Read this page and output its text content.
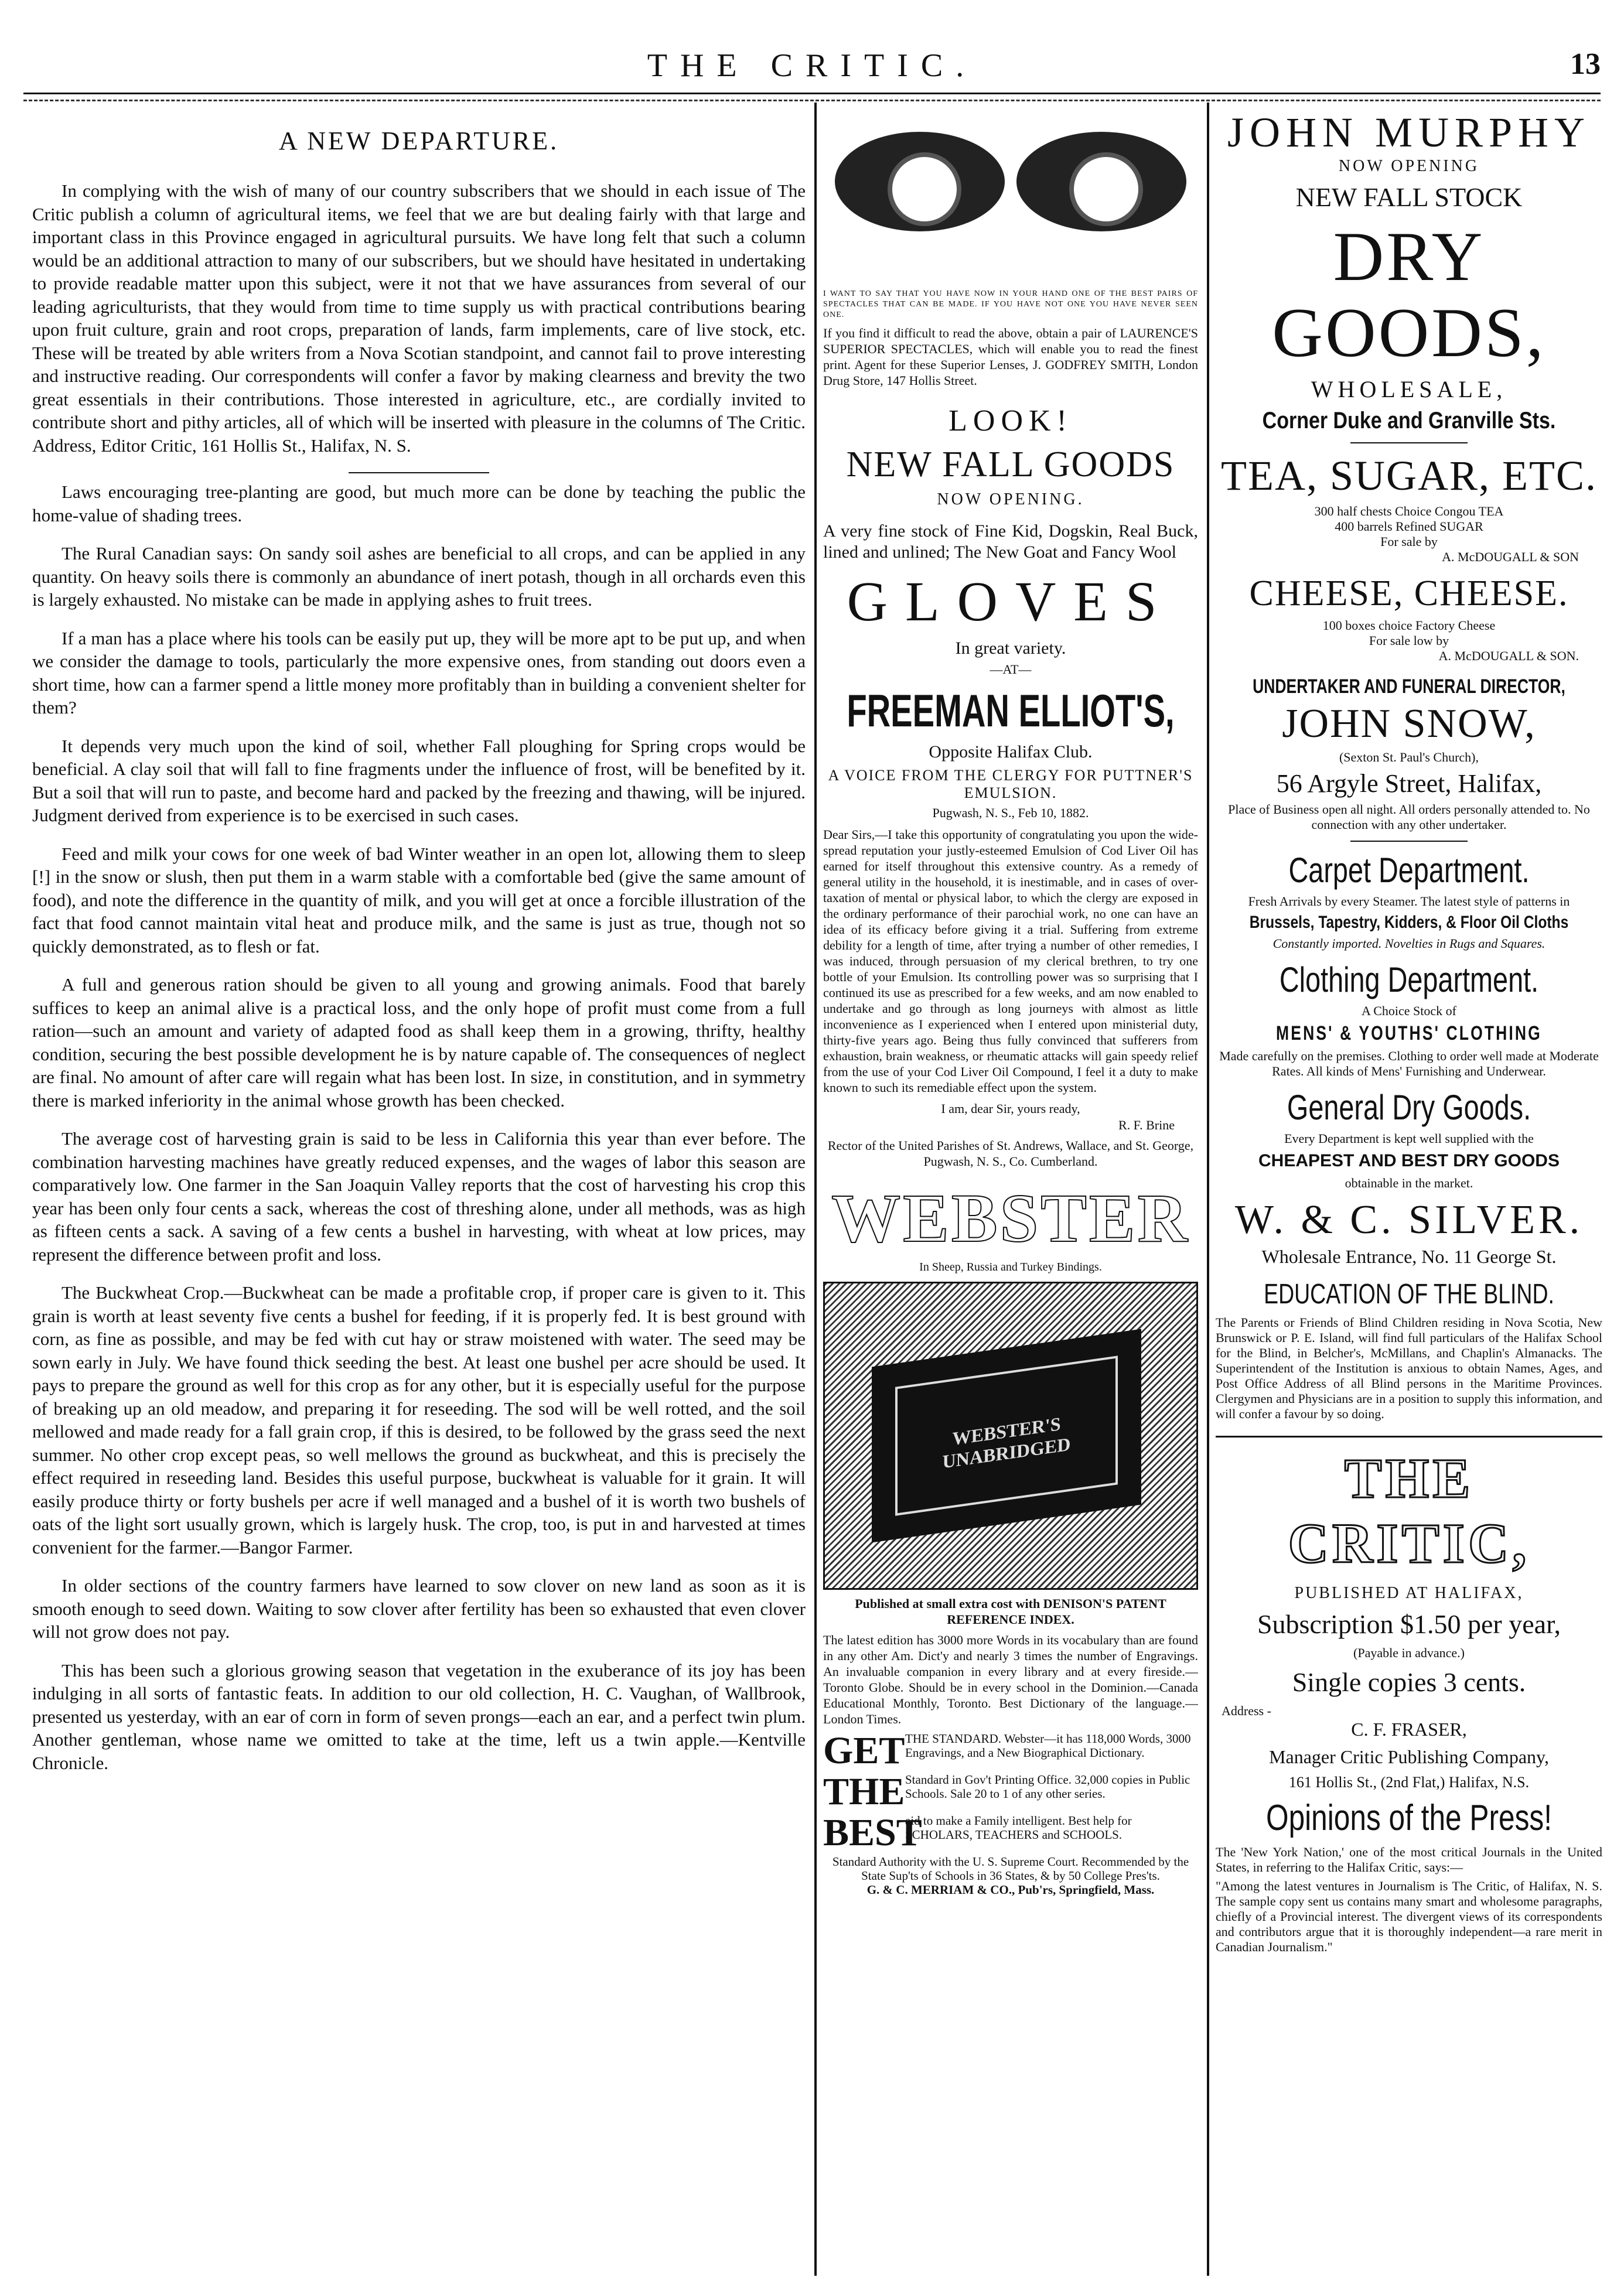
THE CRITIC.	13
A NEW DEPARTURE.

In complying with the wish of many of our country subscribers that we should in each issue of The Critic publish a column of agricultural items, we feel that we are but dealing fairly with that large and important class in this Province engaged in agricultural pursuits. We have long felt that such a column would be an additional attraction to many of our subscribers, but we should have hesitated in undertaking to provide readable matter upon this subject, were it not that we have assurances from several of our leading agriculturists, that they would from time to time supply us with practical contributions bearing upon fruit culture, grain and root crops, preparation of lands, farm implements, care of live stock, etc. These will be treated by able writers from a Nova Scotian standpoint, and cannot fail to prove interesting and instructive reading. Our correspondents will confer a favor by making clearness and brevity the two great essentials in their contributions. Those interested in agriculture, etc., are cordially invited to contribute short and pithy articles, all of which will be inserted with pleasure in the columns of The Critic. Address, Editor Critic, 161 Hollis St., Halifax, N. S.

Laws encouraging tree-planting are good, but much more can be done by teaching the public the home-value of shading trees.

The Rural Canadian says: On sandy soil ashes are beneficial to all crops, and can be applied in any quantity. On heavy soils there is commonly an abundance of inert potash, though in all orchards even this is largely exhausted. No mistake can be made in applying ashes to fruit trees.

If a man has a place where his tools can be easily put up, they will be more apt to be put up, and when we consider the damage to tools, particularly the more expensive ones, from standing out doors even a short time, how can a farmer spend a little money more profitably than in building a convenient shelter for them?

It depends very much upon the kind of soil, whether Fall ploughing for Spring crops would be beneficial. A clay soil that will fall to fine fragments under the influence of frost, will be benefited by it. But a soil that will run to paste, and become hard and packed by the freezing and thawing, will be injured. Judgment derived from experience is to be exercised in such cases.

Feed and milk your cows for one week of bad Winter weather in an open lot, allowing them to sleep [!] in the snow or slush, then put them in a warm stable with a comfortable bed (give the same amount of food), and note the difference in the quantity of milk, and you will get at once a forcible illustration of the fact that food cannot maintain vital heat and produce milk, and the same is just as true, though not so quickly demonstrated, as to flesh or fat.

A full and generous ration should be given to all young and growing animals. Food that barely suffices to keep an animal alive is a practical loss, and the only hope of profit must come from a full ration—such an amount and variety of adapted food as shall keep them in a growing, thrifty, healthy condition, securing the best possible development he is by nature capable of. The consequences of neglect are final. No amount of after care will regain what has been lost. In size, in constitution, and in symmetry there is marked inferiority in the animal whose growth has been checked.

The average cost of harvesting grain is said to be less in California this year than ever before. The combination harvesting machines have greatly reduced expenses, and the wages of labor this season are comparatively low. One farmer in the San Joaquin Valley reports that the cost of harvesting his crop this year has been only four cents a sack, whereas the cost of threshing alone, under all methods, was as high as fifteen cents a sack. A saving of a few cents a bushel in harvesting, with wheat at low prices, may represent the difference between profit and loss.

The Buckwheat Crop.—Buckwheat can be made a profitable crop, if proper care is given to it. This grain is worth at least seventy five cents a bushel for feeding, if it is properly fed. It is best ground with corn, as fine as possible, and may be fed with cut hay or straw moistened with water. The seed may be sown early in July. We have found thick seeding the best. At least one bushel per acre should be used. It pays to prepare the ground as well for this crop as for any other, but it is especially useful for the purpose of breaking up an old meadow, and preparing it for reseeding. The sod will be well rotted, and the soil mellowed and made ready for a fall grain crop, if this is desired, to be followed by the grass seed the next summer. No other crop except peas, so well mellows the ground as buckwheat, and this is precisely the effect required in reseeding land. Besides this useful purpose, buckwheat is valuable for it grain. It will easily produce thirty or forty bushels per acre if well managed and a bushel of it is worth two bushels of oats of the light sort usually grown, which is largely husk. The crop, too, is put in and harvested at times convenient for the farmer.—Bangor Farmer.

In older sections of the country farmers have learned to sow clover on new land as soon as it is smooth enough to seed down. Waiting to sow clover after fertility has been so exhausted that even clover will not grow does not pay.

This has been such a glorious growing season that vegetation in the exuberance of its joy has been indulging in all sorts of fantastic feats. In addition to our old collection, H. C. Vaughan, of Wallbrook, presented us yesterday, with an ear of corn in form of seven prongs—each an ear, and a perfect twin plum. Another gentleman, whose name we omitted to take at the time, left us a twin apple.—Kentville Chronicle.

Before	After
I WANT TO SAY THAT YOU HAVE NOW IN YOUR HAND ONE OF THE BEST PAIRS OF SPECTACLES THAT CAN BE MADE. IF YOU HAVE NOT ONE YOU HAVE NEVER SEEN ONE.
If you find it difficult to read the above, obtain a pair of LAURENCE'S SUPERIOR SPECTACLES, which will enable you to read the finest print. Agent for these Superior Lenses, J. GODFREY SMITH, London Drug Store, 147 Hollis Street.
LOOK!
NEW FALL GOODS
NOW OPENING.
A very fine stock of Fine Kid, Dogskin, Real Buck, lined and unlined; The New Goat and Fancy Wool
GLOVES
In great variety.
—AT—
FREEMAN ELLIOT'S,
Opposite Halifax Club.
A VOICE FROM THE CLERGY FOR PUTTNER'S EMULSION.
Pugwash, N. S., Feb 10, 1882.
Dear Sirs,—I take this opportunity of congratulating you upon the wide-spread reputation your justly-esteemed Emulsion of Cod Liver Oil has earned for itself throughout this extensive country. As a remedy of general utility in the household, it is inestimable, and in cases of over-taxation of mental or physical labor, to which the clergy are exposed in the ordinary performance of their parochial work, no one can have an idea of its efficacy before giving it a trial. Suffering from extreme debility for a length of time, after trying a number of other remedies, I was induced, through persuasion of my clerical brethren, to try one bottle of your Emulsion. Its controlling power was so surprising that I continued its use as prescribed for a few weeks, and am now enabled to undertake and go through as long journeys with almost as little inconvenience as I experienced when I entered upon ministerial duty, thirty-five years ago. Being thus fully convinced that sufferers from exhaustion, brain weakness, or rheumatic attacks will gain speedy relief from the use of your Cod Liver Oil Compound, I feel it a duty to make known to such its remediable effect upon the system.
I am, dear Sir, yours ready,
R. F. Brine
Rector of the United Parishes of St. Andrews, Wallace, and St. George, Pugwash, N. S., Co. Cumberland.
WEBSTER
In Sheep, Russia and Turkey Bindings.
WEBSTER'S UNABRIDGED
Published at small extra cost with DENISON'S PATENT REFERENCE INDEX.
The latest edition has 3000 more Words in its vocabulary than are found in any other Am. Dict'y and nearly 3 times the number of Engravings. An invaluable companion in every library and at every fireside.—Toronto Globe. Should be in every school in the Dominion.—Canada Educational Monthly, Toronto. Best Dictionary of the language.—London Times.
GET THE STANDARD. Webster—it has 118,000 Words, 3000 Engravings, and a New Biographical Dictionary.
THE Standard in Gov't Printing Office. 32,000 copies in Public Schools. Sale 20 to 1 of any other series.
BEST
aid to make a Family intelligent. Best help for SCHOLARS, TEACHERS and SCHOOLS.
Standard Authority with the U. S. Supreme Court. Recommended by the State Sup'ts of Schools in 36 States, & by 50 College Pres'ts.
G. & C. MERRIAM & CO., Pub'rs, Springfield, Mass.
JOHN MURPHY
NOW OPENING
NEW FALL STOCK
DRY GOODS,
WHOLESALE,
Corner Duke and Granville Sts.
TEA, SUGAR, ETC.
300 half chests Choice Congou TEA
400 barrels Refined SUGAR
For sale by
A. McDOUGALL & SON
CHEESE, CHEESE.
100 boxes choice Factory Cheese
For sale low by
A. McDOUGALL & SON.
UNDERTAKER AND FUNERAL DIRECTOR,
JOHN SNOW,
(Sexton St. Paul's Church),
56 Argyle Street, Halifax,
Place of Business open all night. All orders personally attended to. No connection with any other undertaker.
Carpet Department.
Fresh Arrivals by every Steamer. The latest style of patterns in
Brussels, Tapestry, Kidders, & Floor Oil Cloths
Constantly imported. Novelties in Rugs and Squares.
Clothing Department.
A Choice Stock of
MENS' & YOUTHS' CLOTHING
Made carefully on the premises. Clothing to order well made at Moderate Rates. All kinds of Mens' Furnishing and Underwear.
General Dry Goods.
Every Department is kept well supplied with the
CHEAPEST AND BEST DRY GOODS
obtainable in the market.
W. & C. SILVER.
Wholesale Entrance, No. 11 George St.
EDUCATION OF THE BLIND.
The Parents or Friends of Blind Children residing in Nova Scotia, New Brunswick or P. E. Island, will find full particulars of the Halifax School for the Blind, in Belcher's, McMillans, and Chaplin's Almanacks. The Superintendent of the Institution is anxious to obtain Names, Ages, and Post Office Address of all Blind persons in the Maritime Provinces. Clergymen and Physicians are in a position to supply this information, and will confer a favour by so doing.
THE CRITIC,
PUBLISHED AT HALIFAX,
Subscription $1.50 per year,
(Payable in advance.)
Single copies 3 cents.
Address -
C. F. FRASER,
Manager Critic Publishing Company,
161 Hollis St., (2nd Flat,) Halifax, N.S.
Opinions of the Press!
The 'New York Nation,' one of the most critical Journals in the United States, in referring to the Halifax Critic, says:—
"Among the latest ventures in Journalism is The Critic, of Halifax, N. S. The sample copy sent us contains many smart and wholesome paragraphs, chiefly of a Provincial interest. The divergent views of its correspondents and contributors argue that it is thoroughly independent—a rare merit in Canadian Journalism."
